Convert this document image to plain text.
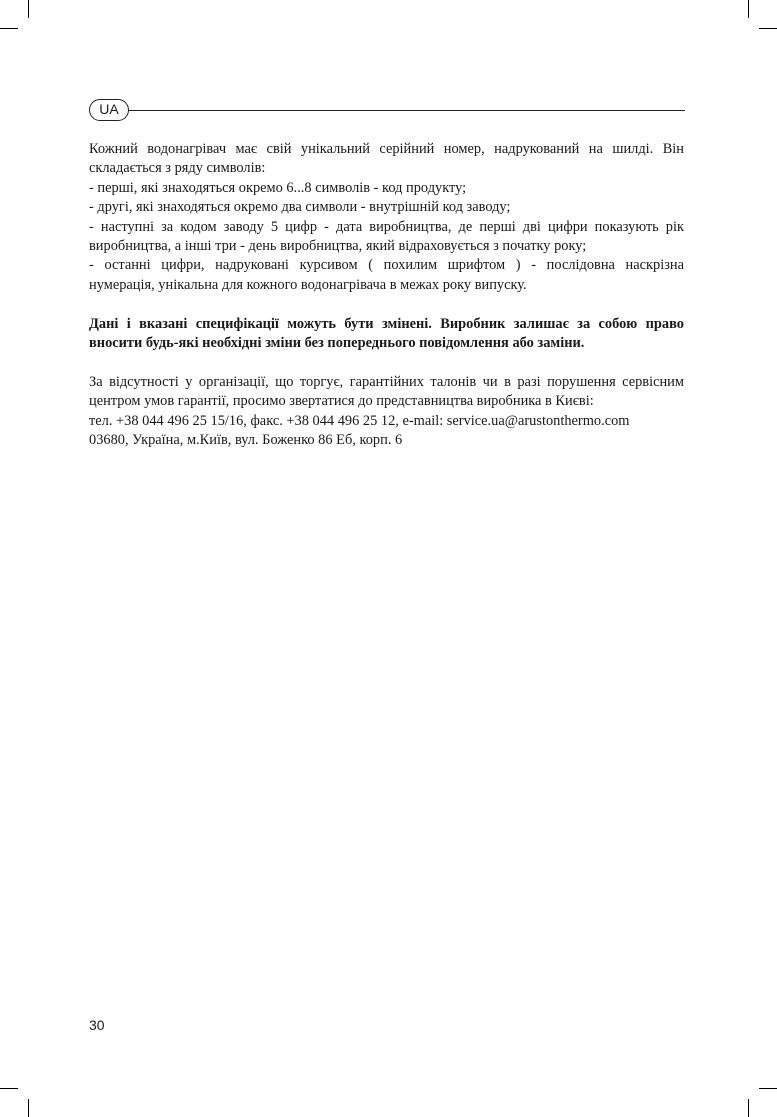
UA

Кожний водонагрівач має свій унікальний серійний номер, надрукований на шилді. Він

складається з ряду символів:

- перші, які знаходяться окремо 6...8 символів - код продукту;

- другі, які знаходяться окремо два символи - внутрішній код заводу;

- наступні за кодом заводу 5 цифр - дата виробництва, де перші дві цифри показують рік

виробництва, а інші три - день виробництва, який відраховується з початку року;

- останні цифри, надруковані курсивом ( похилим шрифтом ) - послідовна наскрізна

нумерація, унікальна для кожного водонагрівача в межах року випуску.

Дані і вказані специфікації можуть бути змінені. Виробник залишає за собою право

вносити будь-які необхідні зміни без попереднього повідомлення або заміни.

За відсутності у організації, що торгує, гарантійних талонів чи в разі порушення сервісним

центром умов гарантії, просимо звертатися до представництва виробника в Києві:

тел. +38 044 496 25 15/16, факс. +38 044 496 25 12, e-mail: service.ua@arustonthermo.com

03680, Україна, м.Київ, вул. Боженко 86 Еб, корп. 6

30
